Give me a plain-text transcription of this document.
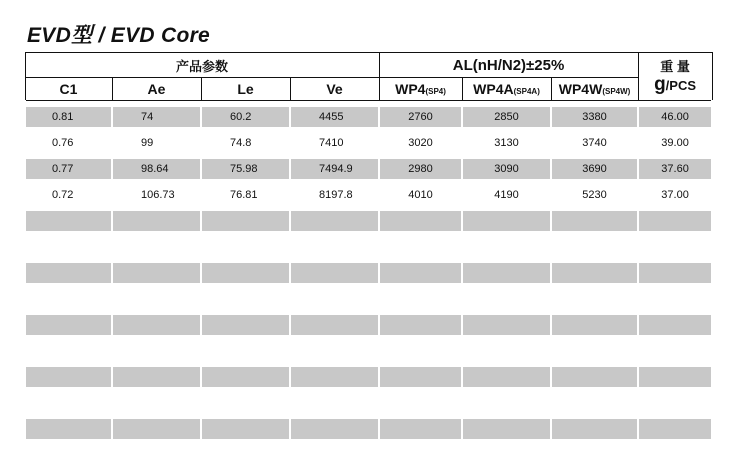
EVD型 / EVD Core
产品参数				AL(nH/N2)±25%			重 量
g/PCS

C1	Ae	Le	Ve	WP4(SP4)	WP4A(SP4A)	WP4W(SP4W)	

0.81	74	60.2	4455	2760	2850	3380	46.00

0.76	99	74.8	7410	3020	3130	3740	39.00

0.77	98.64	75.98	7494.9	2980	3090	3690	37.60

0.72	106.73	76.81	8197.8	4010	4190	5230	37.00
